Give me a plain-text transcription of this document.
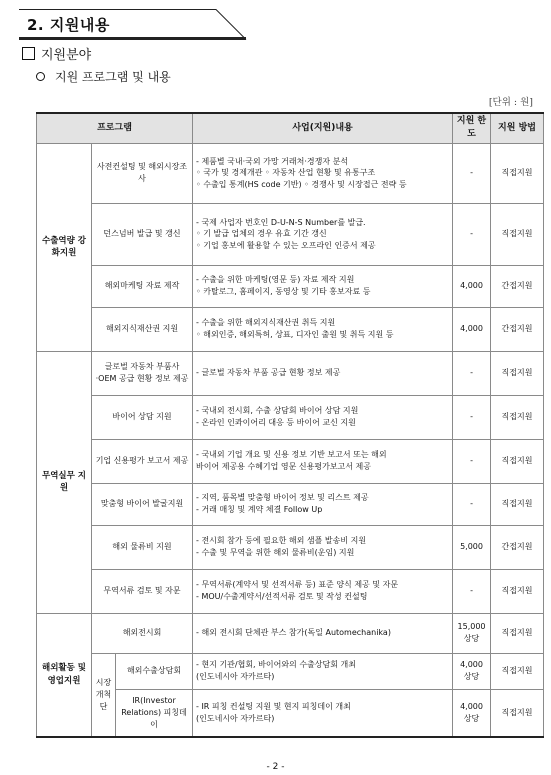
2. 지원내용
지원분야
지원 프로그램 및 내용
[단위 : 원]
프로그램			사업(지원)내용	지원 한도	지원 방법
수출역량 강화지원	사전컨설팅 및 해외시장조사		- 제품별 국내·국외 가망 거래처·경쟁자 분석
◦ 국가 및 경제개관 ◦ 자동차 산업 현황 및 유통구조
◦ 수출입 통계(HS code 기반) ◦ 경쟁사 및 시장접근 전략 등	-	직접지원
	던스넘버 발급 및 갱신		- 국제 사업자 번호인 D-U-N-S Number를 발급.
◦ 기 발급 업체의 경우 유효 기간 갱신
◦ 기업 홍보에 활용할 수 있는 오프라인 인증서 제공	-	직접지원
	해외마케팅 자료 제작		- 수출을 위한 마케팅(영문 등) 자료 제작 지원
◦ 카탈로그, 홈페이지, 동영상 및 기타 홍보자료 등	4,000	간접지원
	해외지식재산권 지원		- 수출을 위한 해외지식재산권 취득 지원
◦ 해외인증, 해외특허, 상표, 디자인 출원 및 취득 지원 등	4,000	간접지원
무역실무 지원	글로벌 자동차 부품사·OEM 공급 현황 정보 제공		- 글로벌 자동차 부품 공급 현황 정보 제공	-	직접지원
	바이어 상담 지원		- 국내외 전시회, 수출 상담회 바이어 상담 지원
- 온라인 인콰이어리 대응 등 바이어 교신 지원	-	직접지원
	기업 신용평가 보고서 제공		- 국내외 기업 개요 및 신용 정보 기반 보고서 또는 해외
바이어 제공용 수혜기업 영문 신용평가보고서 제공	-	직접지원
	맞춤형 바이어 발굴지원		- 지역, 품목별 맞춤형 바이어 정보 및 리스트 제공
- 거래 매칭 및 계약 체결 Follow Up	-	직접지원
	해외 물류비 지원		- 전시회 참가 등에 필요한 해외 샘플 발송비 지원
- 수출 및 무역을 위한 해외 물류비(운임) 지원	5,000	간접지원
	무역서류 검토 및 자문		- 무역서류(계약서 및 선적서류 등) 표준 양식 제공 및 자문
- MOU/수출계약서/선적서류 검토 및 작성 컨설팅	-	직접지원
해외활동 및 영업지원	해외전시회		- 해외 전시회 단체관 부스 참가(독일 Automechanika)	15,000 상당	직접지원
	시장 개척단	해외수출상담회	- 현지 기관/협회, 바이어와의 수출상담회 개최
(인도네시아 자카르타)	4,000 상당	직접지원
		IR(Investor Relations) 피칭데이	- IR 피칭 컨설팅 지원 및 현지 피칭데이 개최
(인도네시아 자카르타)	4,000 상당	직접지원
- 2 -
